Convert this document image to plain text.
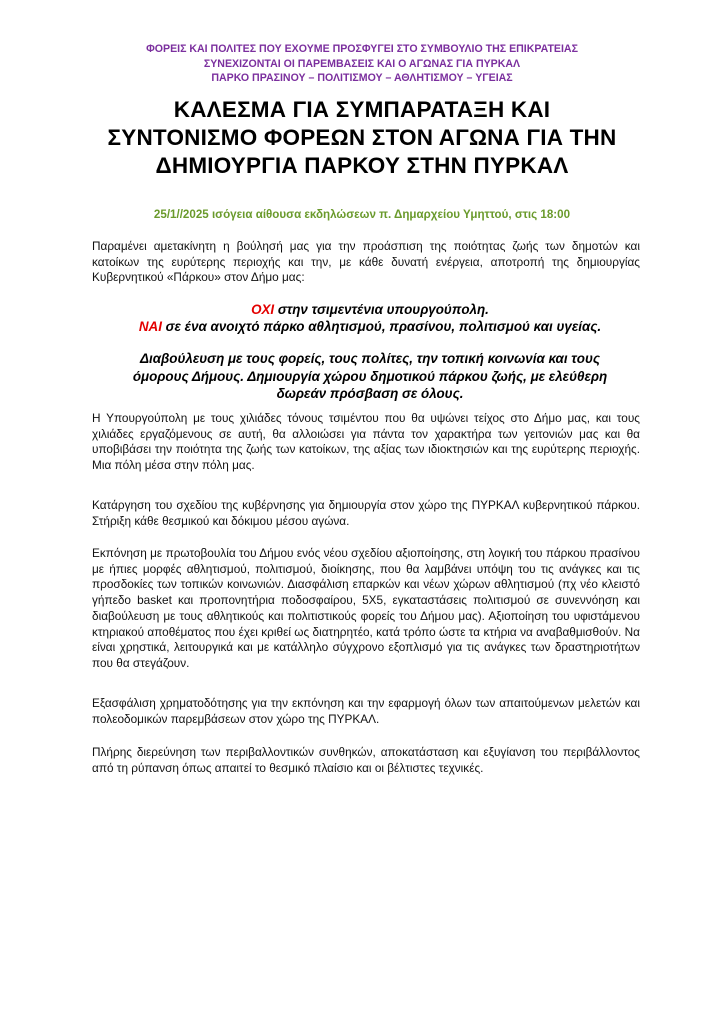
ΦΟΡΕΙΣ ΚΑΙ ΠΟΛΙΤΕΣ ΠΟΥ ΕΧΟΥΜΕ ΠΡΟΣΦΥΓΕΙ ΣΤΟ ΣΥΜΒΟΥΛΙΟ ΤΗΣ ΕΠΙΚΡΑΤΕΙΑΣ
ΣΥΝΕΧΙΖΟΝΤΑΙ ΟΙ ΠΑΡΕΜΒΑΣΕΙΣ ΚΑΙ Ο ΑΓΩΝΑΣ ΓΙΑ ΠΥΡΚΑΛ
ΠΑΡΚΟ ΠΡΑΣΙΝΟΥ – ΠΟΛΙΤΙΣΜΟΥ – ΑΘΛΗΤΙΣΜΟΥ – ΥΓΕΙΑΣ
ΚΑΛΕΣΜΑ ΓΙΑ ΣΥΜΠΑΡΑΤΑΞΗ ΚΑΙ
ΣΥΝΤΟΝΙΣΜΟ ΦΟΡΕΩΝ ΣΤΟΝ ΑΓΩΝΑ ΓΙΑ ΤΗΝ
ΔΗΜΙΟΥΡΓΙΑ ΠΑΡΚΟΥ ΣΤΗΝ ΠΥΡΚΑΛ
25/1//2025 ισόγεια αίθουσα εκδηλώσεων π. Δημαρχείου Υμηττού, στις 18:00
Παραμένει αμετακίνητη η βούλησή μας για την προάσπιση της ποιότητας ζωής των δημοτών και κατοίκων της ευρύτερης περιοχής και την, με κάθε δυνατή ενέργεια, αποτροπή της δημιουργίας Κυβερνητικού «Πάρκου» στον Δήμο μας:
ΟΧΙ στην τσιμεντένια υπουργούπολη.
ΝΑΙ σε ένα ανοιχτό πάρκο αθλητισμού, πρασίνου, πολιτισμού και υγείας.
Διαβούλευση με τους φορείς, τους πολίτες, την τοπική κοινωνία και τους
όμορους Δήμους. Δημιουργία χώρου δημοτικού πάρκου ζωής, με ελεύθερη
δωρεάν πρόσβαση σε όλους.
Η Υπουργούπολη με τους χιλιάδες τόνους τσιμέντου που θα υψώνει τείχος στο Δήμο μας, και τους χιλιάδες εργαζόμενους σε αυτή, θα αλλοιώσει για πάντα τον χαρακτήρα των γειτονιών μας και θα υποβιβάσει την ποιότητα της ζωής των κατοίκων, της αξίας των ιδιοκτησιών και της ευρύτερης περιοχής. Μια πόλη μέσα στην πόλη μας.
Κατάργηση του σχεδίου της κυβέρνησης για δημιουργία στον χώρο της ΠΥΡΚΑΛ κυβερνητικού πάρκου. Στήριξη κάθε θεσμικού και δόκιμου μέσου αγώνα.
Εκπόνηση με πρωτοβουλία του Δήμου ενός νέου σχεδίου αξιοποίησης, στη λογική του πάρκου πρασίνου με ήπιες μορφές αθλητισμού, πολιτισμού, διοίκησης, που θα λαμβάνει υπόψη του τις ανάγκες και τις προσδοκίες των τοπικών κοινωνιών. Διασφάλιση επαρκών και νέων χώρων αθλητισμού (πχ νέο κλειστό γήπεδο basket και προπονητήρια ποδοσφαίρου, 5Χ5, εγκαταστάσεις πολιτισμού σε συνεννόηση και διαβούλευση με τους αθλητικούς και πολιτιστικούς φορείς του Δήμου μας). Αξιοποίηση του υφιστάμενου κτηριακού αποθέματος που έχει κριθεί ως διατηρητέο, κατά τρόπο ώστε τα κτήρια να αναβαθμισθούν. Να είναι χρηστικά, λειτουργικά και με κατάλληλο σύγχρονο εξοπλισμό για τις ανάγκες των δραστηριοτήτων που θα στεγάζουν.
Εξασφάλιση χρηματοδότησης για την εκπόνηση και την εφαρμογή όλων των απαιτούμενων μελετών και πολεοδομικών παρεμβάσεων στον χώρο της ΠΥΡΚΑΛ.
Πλήρης διερεύνηση των περιβαλλοντικών συνθηκών, αποκατάσταση και εξυγίανση του περιβάλλοντος από τη ρύπανση όπως απαιτεί το θεσμικό πλαίσιο και οι βέλτιστες τεχνικές.
